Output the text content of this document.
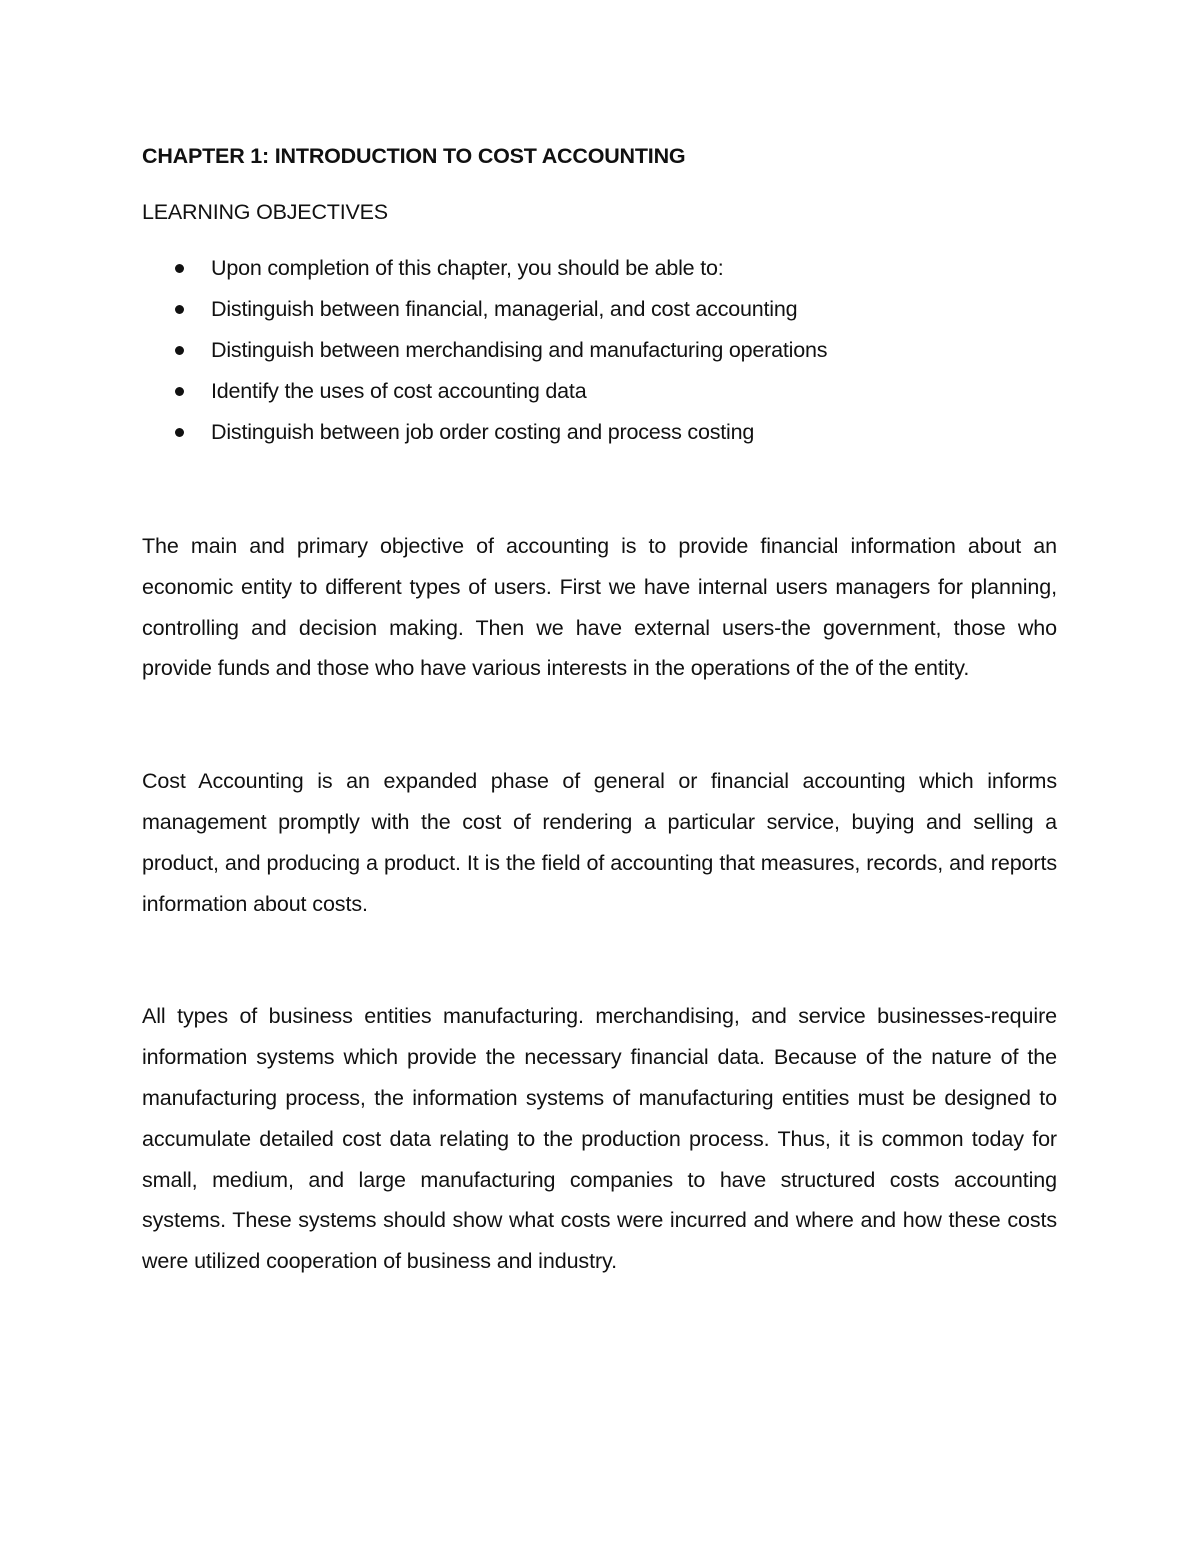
CHAPTER 1: INTRODUCTION TO COST ACCOUNTING
LEARNING OBJECTIVES
Upon completion of this chapter, you should be able to:
Distinguish between financial, managerial, and cost accounting
Distinguish between merchandising and manufacturing operations
Identify the uses of cost accounting data
Distinguish between job order costing and process costing

The main and primary objective of accounting is to provide financial information about an economic entity to different types of users. First we have internal users managers for planning, controlling and decision making. Then we have external users-the government, those who provide funds and those who have various interests in the operations of the of the entity.

Cost Accounting is an expanded phase of general or financial accounting which informs management promptly with the cost of rendering a particular service, buying and selling a product, and producing a product. It is the field of accounting that measures, records, and reports information about costs.

All types of business entities manufacturing. merchandising, and service businesses-require information systems which provide the necessary financial data. Because of the nature of the manufacturing process, the information systems of manufacturing entities must be designed to accumulate detailed cost data relating to the production process. Thus, it is common today for small, medium, and large manufacturing companies to have structured costs accounting systems. These systems should show what costs were incurred and where and how these costs were utilized cooperation of business and industry.
